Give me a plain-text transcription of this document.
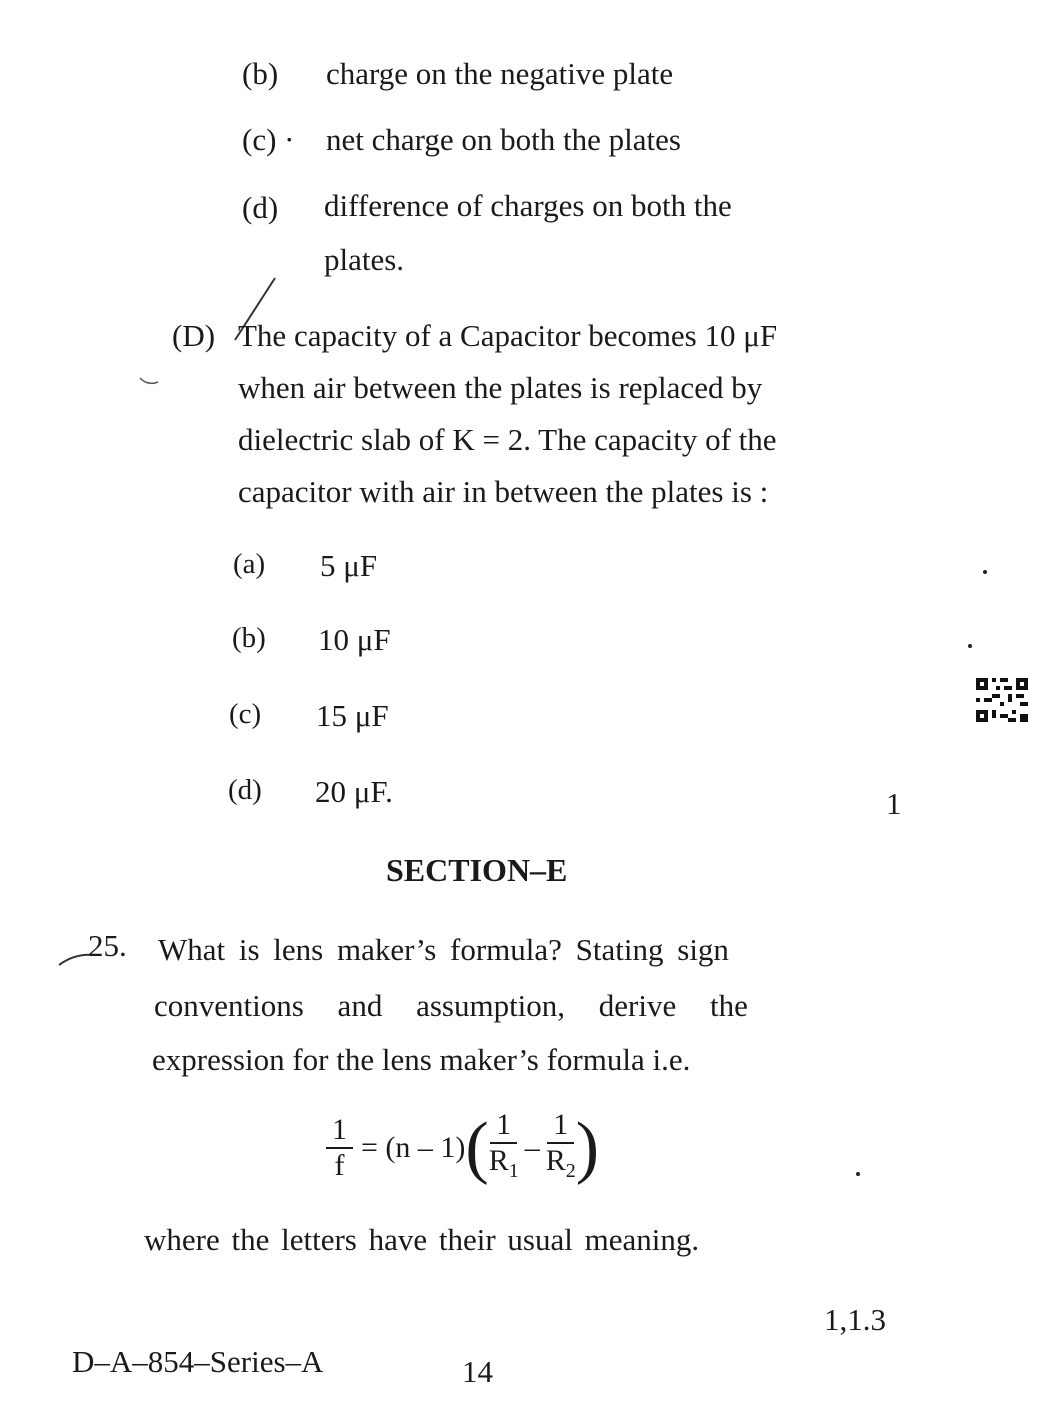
(b) charge on the negative plate
(c) · net charge on both the plates
(d) difference of charges on both the
plates.
(D) The capacity of a Capacitor becomes 10 μF
when air between the plates is replaced by
dielectric slab of K = 2. The capacity of the
capacitor with air in between the plates is :
(a) 5 μF
(b) 10 μF
(c) 15 μF
(d) 20 μF.	1
SECTION–E
25. What is lens maker’s formula? Stating sign
conventions and assumption, derive the
expression for the lens maker’s formula i.e.
$\frac{1}{f} = (n - 1)$ ( $\frac{1}{R_1} - \frac{1}{R_2}$ )
where the letters have their usual meaning.
1,1.3
D–A–854–Series–A	14
